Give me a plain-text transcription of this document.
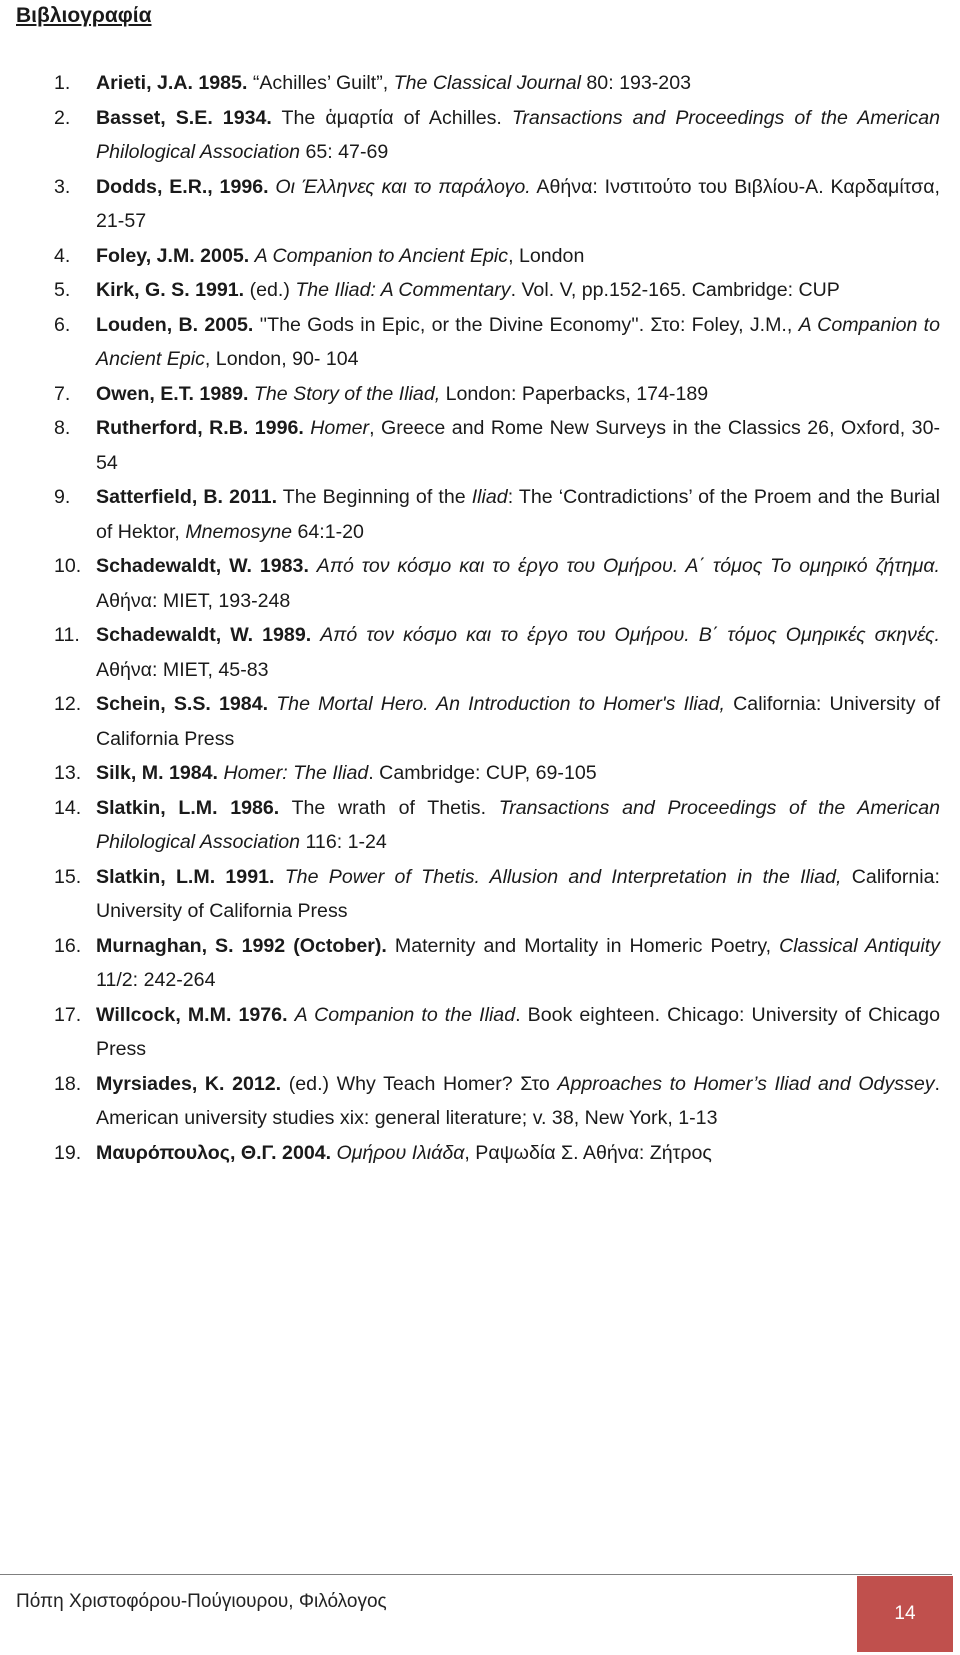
Βιβλιογραφία
1.	Arieti, J.A. 1985. “Achilles’ Guilt”, The Classical Journal 80: 193-203
2.	Basset, S.E. 1934. The ἁμαρτία of Achilles. Transactions and Proceedings of the American Philological Association 65: 47-69
3.	Dodds, E.R., 1996. Οι Έλληνες και το παράλογο. Αθήνα: Ινστιτούτο του Βιβλίου-Α. Καρδαμίτσα, 21-57
4.	Foley, J.M. 2005. A Companion to Ancient Epic, London
5.	Kirk, G. S. 1991. (ed.) The Iliad: A Commentary. Vol. V, pp.152-165. Cambridge: CUP
6.	Louden, B. 2005. ''The Gods in Epic, or the Divine Economy''. Στο: Foley, J.M., A Companion to Ancient Epic, London, 90- 104
7.	Owen, E.T. 1989. The Story of the Iliad, London: Paperbacks, 174-189
8.	Rutherford, R.B. 1996. Homer, Greece and Rome New Surveys in the Classics 26, Oxford, 30-54
9.	Satterfield, B. 2011. The Beginning of the Iliad: The ‘Contradictions’ of the Proem and the Burial of Hektor, Mnemosyne 64:1-20
10. Schadewaldt, W. 1983. Από τον κόσμο και το έργο του Ομήρου. Α΄ τόμος Το ομηρικό ζήτημα. Αθήνα: ΜΙΕΤ, 193-248
11. Schadewaldt, W. 1989. Από τον κόσμο και το έργο του Ομήρου. Β΄ τόμος Ομηρικές σκηνές. Αθήνα: ΜΙΕΤ, 45-83
12. Schein, S.S. 1984. The Mortal Hero. An Introduction to Homer's Iliad, California: University of California Press
13. Silk, M. 1984. Homer: The Iliad. Cambridge: CUP, 69-105
14. Slatkin, L.M. 1986. The wrath of Thetis. Transactions and Proceedings of the American Philological Association 116: 1-24
15. Slatkin, L.M. 1991. The Power of Thetis. Allusion and Interpretation in the Iliad, California: University of California Press
16. Murnaghan, S. 1992 (October). Maternity and Mortality in Homeric Poetry, Classical Antiquity 11/2: 242-264
17. Willcock, M.M. 1976. A Companion to the Iliad. Book eighteen. Chicago: University of Chicago Press
18. Myrsiades, K. 2012. (ed.) Why Teach Homer? Στο Approaches to Homer’s Iliad and Odyssey. American university studies xix: general literature; v. 38, New York, 1-13
19. Μαυρόπουλος, Θ.Γ. 2004. Ομήρου Ιλιάδα, Ραψωδία Σ. Αθήνα: Ζήτρος
Πόπη Χριστοφόρου-Πούγιουρου, Φιλόλογος
14
